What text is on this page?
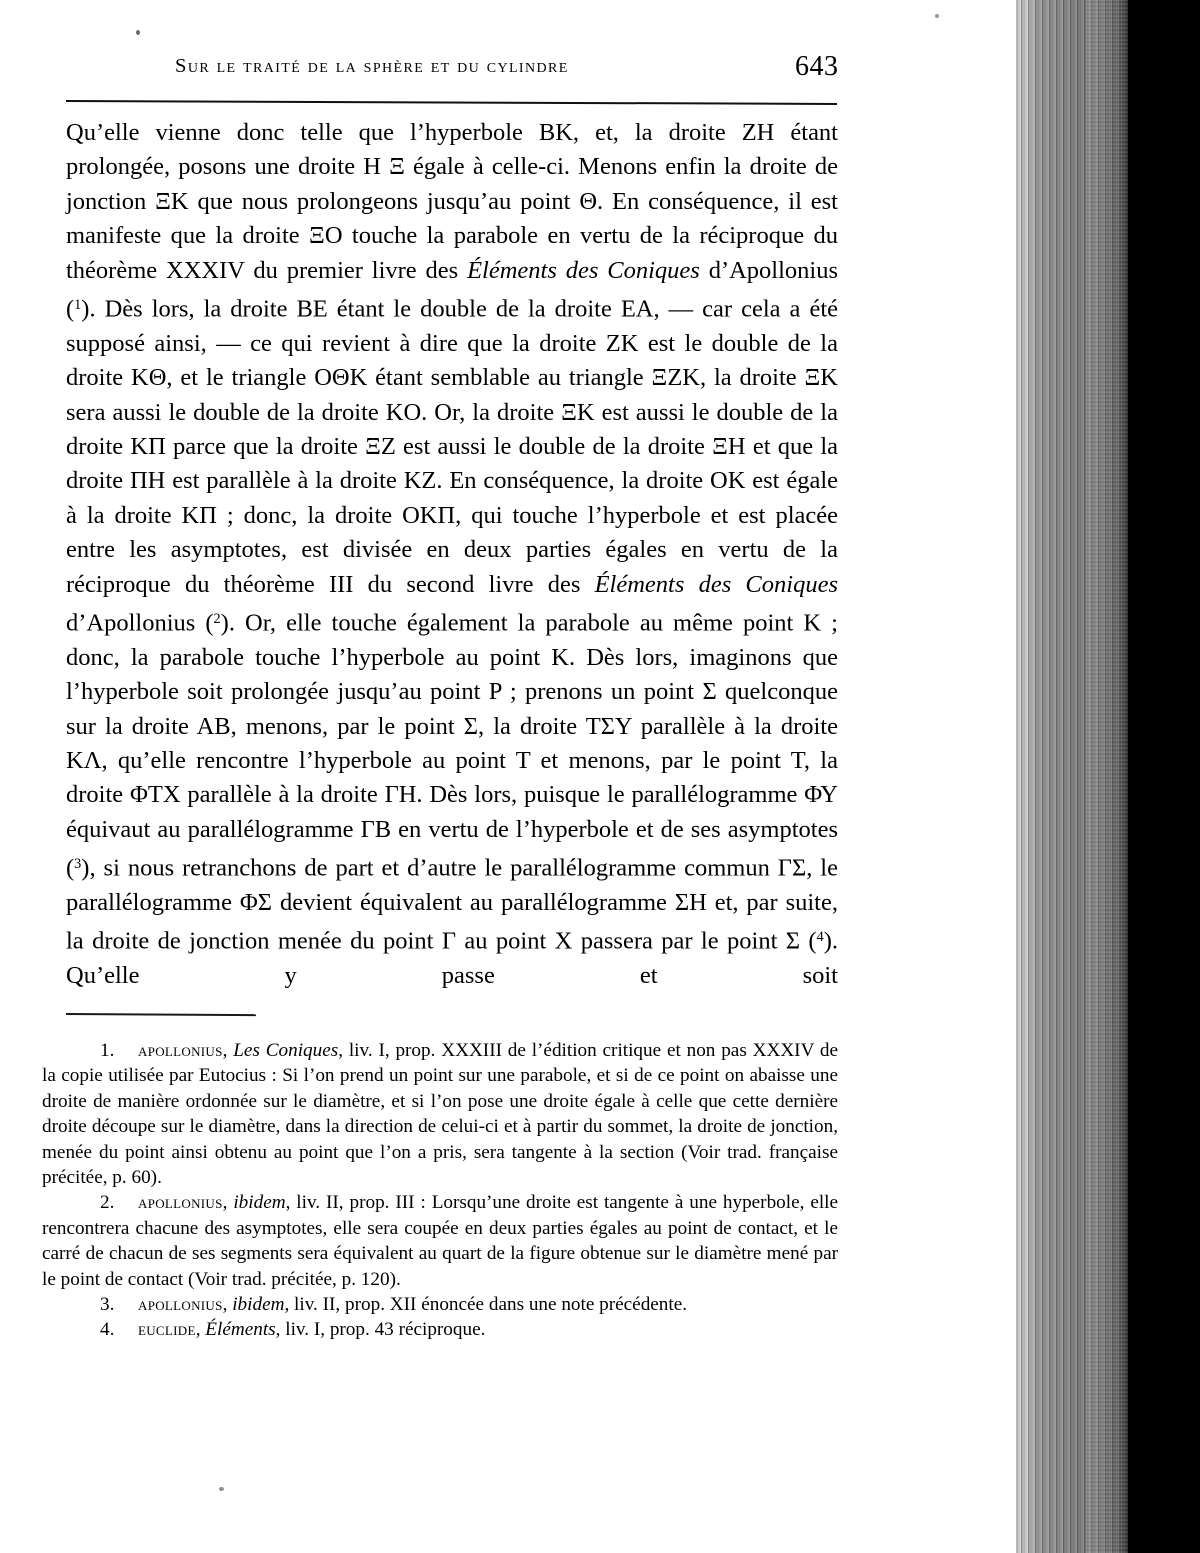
Sur le traité de la sphère et du cylindre	643

Qu’elle vienne donc telle que l’hyperbole BK, et, la droite ZH étant prolongée, posons une droite H Ξ égale à celle-ci. Menons enfin la droite de jonction ΞK que nous prolongeons jusqu’au point Θ. En conséquence, il est manifeste que la droite ΞO touche la parabole en vertu de la réciproque du théorème XXXIV du premier livre des Éléments des Coniques d’Apollonius ($^1$). Dès lors, la droite BE étant le double de la droite EA, — car cela a été supposé ainsi, — ce qui revient à dire que la droite ZK est le double de la droite KΘ, et le triangle OΘK étant semblable au triangle ΞZK, la droite ΞK sera aussi le double de la droite KO. Or, la droite ΞK est aussi le double de la droite KΠ parce que la droite ΞZ est aussi le double de la droite ΞH et que la droite ΠH est parallèle à la droite KZ. En conséquence, la droite OK est égale à la droite KΠ ; donc, la droite OKΠ, qui touche l’hyperbole et est placée entre les asymptotes, est divisée en deux parties égales en vertu de la réciproque du théorème III du second livre des Éléments des Coniques d’Apollonius ($^2$). Or, elle touche également la parabole au même point K ; donc, la parabole touche l’hyperbole au point K. Dès lors, imaginons que l’hyperbole soit prolongée jusqu’au point P ; prenons un point Σ quelconque sur la droite AB, menons, par le point Σ, la droite TΣΥ parallèle à la droite KΛ, qu’elle rencontre l’hyperbole au point T et menons, par le point T, la droite ΦTX parallèle à la droite ΓH. Dès lors, puisque le parallélogramme ΦΥ équivaut au parallélogramme ΓB en vertu de l’hyperbole et de ses asymptotes ($^3$), si nous retranchons de part et d’autre le parallélogramme commun ΓΣ, le parallélogramme ΦΣ devient équivalent au parallélogramme ΣH et, par suite, la droite de jonction menée du point Γ au point X passera par le point Σ ($^4$). Qu’elle y passe et soit

1. apollonius, Les Coniques, liv. I, prop. XXXIII de l’édition critique et non pas XXXIV de la copie utilisée par Eutocius : Si l’on prend un point sur une parabole, et si de ce point on abaisse une droite de manière ordonnée sur le diamètre, et si l’on pose une droite égale à celle que cette dernière droite découpe sur le diamètre, dans la direction de celui-ci et à partir du sommet, la droite de jonction, menée du point ainsi obtenu au point que l’on a pris, sera tangente à la section (Voir trad. française précitée, p. 60).

2. apollonius, ibidem, liv. II, prop. III : Lorsqu’une droite est tangente à une hyperbole, elle rencontrera chacune des asymptotes, elle sera coupée en deux parties égales au point de contact, et le carré de chacun de ses segments sera équivalent au quart de la figure obtenue sur le diamètre mené par le point de contact (Voir trad. précitée, p. 120).

3. apollonius, ibidem, liv. II, prop. XII énoncée dans une note précédente.

4. euclide, Éléments, liv. I, prop. 43 réciproque.
